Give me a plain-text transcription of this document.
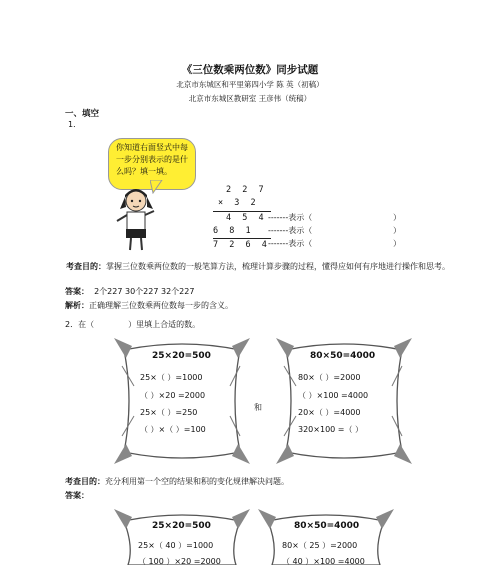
《三位数乘两位数》同步试题
北京市东城区和平里第四小学 陈 英（初稿）
北京市东城区教研室 王彦伟（统稿）
一、填空
1．
你知道右面竖式中每一步分别表示的是什么吗？填一填。
2 2 7
× 3 2
4 5 4
6 8 1
7 2 6 4
-------表示（	）
-------表示（	）
-------表示（	）
考查目的：掌握三位数乘两位数的一般笔算方法，梳理计算步骤的过程，懂得应如何有序地进行操作和思考。
答案： 2个227 30个227 32个227
解析：正确理解三位数乘两位数每一步的含义。
2．在（	）里填上合适的数。
25×20=500
25×（ ）=1000
（ ）×20 =2000
25×（ ）=250
（ ）×（ ）=100
和
80×50=4000
80×（ ）=2000
（ ）×100 =4000
20×（ ）=4000
320×100 =（ ）
考查目的：充分利用第一个空的结果和积的变化规律解决问题。
答案：
25×20=500
25×（ 40 ）=1000
（ 100 ）×20 =2000
80×50=4000
80×（ 25 ）=2000
（ 40 ）×100 =4000
